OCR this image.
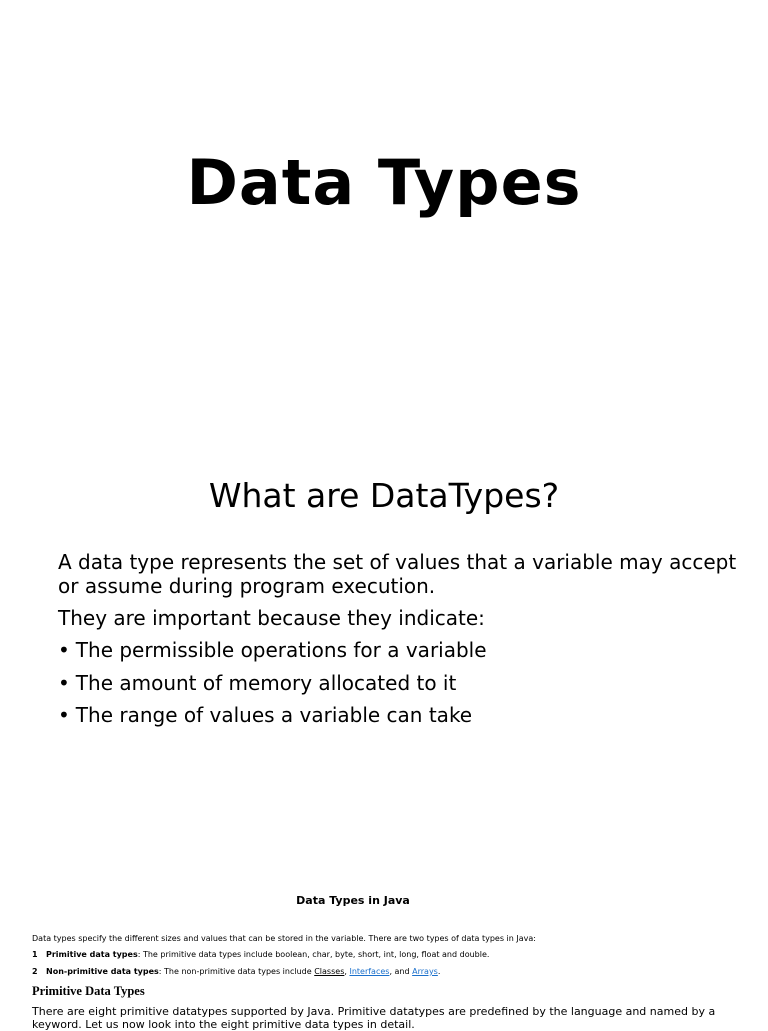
Data Types
What are DataTypes?

A data type represents the set of values that a variable may accept or assume during program execution.

They are important because they indicate:

• The permissible operations for a variable
• The amount of memory allocated to it
• The range of values a variable can take
Data Types in Java
Data types specify the different sizes and values that can be stored in the variable. There are two types of data types in Java:
1 Primitive data types: The primitive data types include boolean, char, byte, short, int, long, float and double.
2 Non-primitive data types: The non-primitive data types include Classes, Interfaces, and Arrays.
Primitive Data Types
There are eight primitive datatypes supported by Java. Primitive datatypes are predefined by the language and named by a keyword. Let us now look into the eight primitive data types in detail.
